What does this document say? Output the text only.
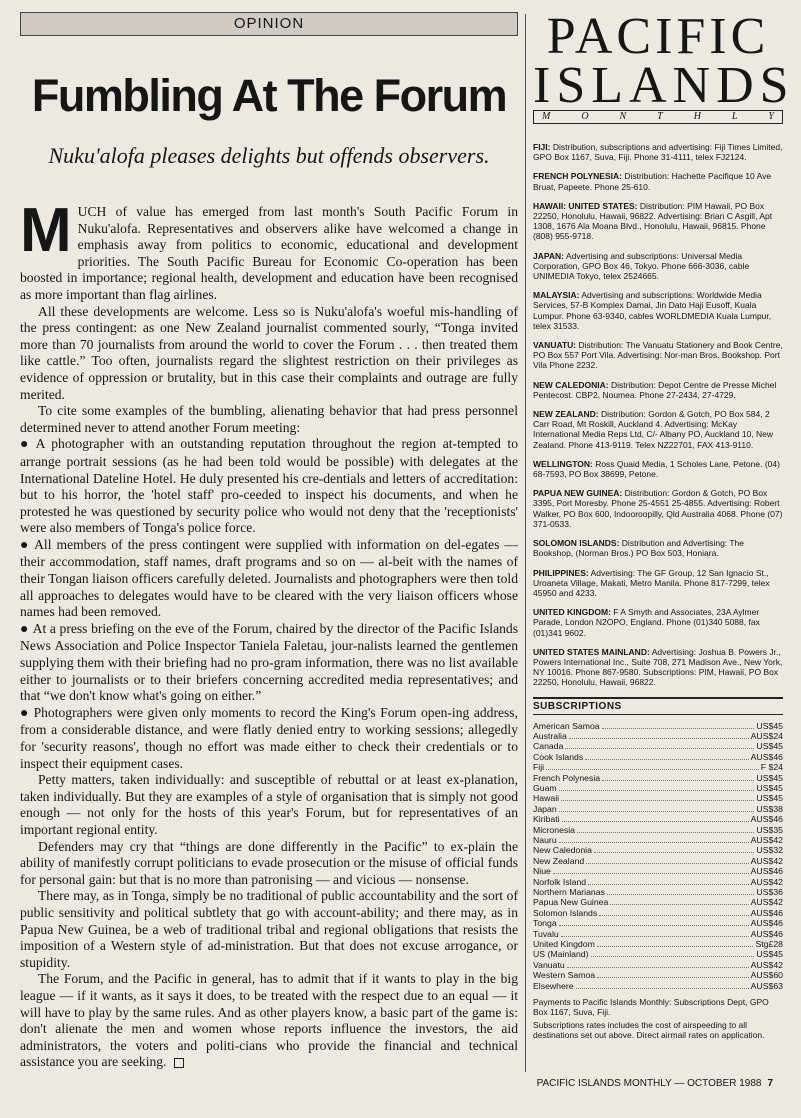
OPINION
Fumbling At The Forum
Nuku'alofa pleases delights but offends observers.

MUCH of value has emerged from last month's South Pacific Forum in Nuku'alofa. Representatives and observers alike have welcomed a change in emphasis away from politics to economic, educational and development priorities. The South Pacific Bureau for Economic Co-operation has been boosted in importance; regional health, development and education have been recognised as more important than flag airlines.

All these developments are welcome. Less so is Nuku'alofa's woeful mis-handling of the press contingent: as one New Zealand journalist commented sourly, “Tonga invited more than 70 journalists from around the world to cover the Forum . . . then treated them like cattle.” Too often, journalists regard the slightest restriction on their privileges as evidence of oppression or brutality, but in this case their complaints and outrage are fully merited.

To cite some examples of the bumbling, alienating behavior that had press personnel determined never to attend another Forum meeting:

● A photographer with an outstanding reputation throughout the region at-tempted to arrange portrait sessions (as he had been told would be possible) with delegates at the International Dateline Hotel. He duly presented his cre-dentials and letters of accreditation: but to his horror, the 'hotel staff' pro-ceeded to inspect his documents, and when he protested he was questioned by security police who would not deny that the 'receptionists' were also members of Tonga's police force.

● All members of the press contingent were supplied with information on del-egates — their accommodation, staff names, draft programs and so on — al-beit with the names of their Tongan liaison officers carefully deleted. Journalists and photographers were then told all approaches to delegates would have to be cleared with the very liaison officers whose names had been removed.

● At a press briefing on the eve of the Forum, chaired by the director of the Pacific Islands News Association and Police Inspector Taniela Faletau, jour-nalists learned the gentlemen supplying them with their briefing had no pro-gram information, there was no list available either to journalists or to their briefers concerning accredited media representatives; and that “we don't know what's going on either.”

● Photographers were given only moments to record the King's Forum open-ing address, from a considerable distance, and were flatly denied entry to working sessions; allegedly for 'security reasons', though no effort was made either to check their credentials or to inspect their equipment cases.

Petty matters, taken individually: and susceptible of rebuttal or at least ex-planation, taken individually. But they are examples of a style of organisation that is simply not good enough — not only for the hosts of this year's Forum, but for representatives of an important regional entity.

Defenders may cry that “things are done differently in the Pacific” to ex-plain the ability of manifestly corrupt politicians to evade prosecution or the misuse of official funds for personal gain: but that is no more than patronising — and vicious — nonsense.

There may, as in Tonga, simply be no traditional of public accountability and the sort of public sensitivity and political subtlety that go with account-ability; and there may, as in Papua New Guinea, be a web of traditional tribal and regional obligations that resists the imposition of a Western style of ad-ministration. But that does not excuse arrogance, or stupidity.

The Forum, and the Pacific in general, has to admit that if it wants to play in the big league — if it wants, as it says it does, to be treated with the respect due to an equal — it will have to play by the same rules. And as other players know, a basic part of the game is: don't alienate the men and women whose reports influence the investors, the aid administrators, the voters and politi-cians who provide the financial and technical assistance you are seeking.

PACIFIC
ISLANDS
M	O	N	T	H	L	Y
FIJI: Distribution, subscriptions and advertising: Fiji Times Limited, GPO Box 1167, Suva, Fiji. Phone 31-4111, telex FJ2124.
FRENCH POLYNESIA: Distribution: Hachette Pacifique 10 Ave Bruat, Papeete. Phone 25-610.
HAWAII: UNITED STATES: Distribution: PIM Hawaii, PO Box 22250, Honolulu, Hawaii, 96822. Advertising: Brian C Asgill, Apt 1308, 1676 Ala Moana Blvd., Honolulu, Hawaii, 96815. Phone (808) 955-9718.
JAPAN: Advertising and subscriptions: Universal Media Corporation, GPO Box 46, Tokyo. Phone 666-3036, cable UNIMEDIA Tokyo, telex 2524665.
MALAYSIA: Advertising and subscriptions: Worldwide Media Services, 57-B Komplex Damai, Jin Dato Haji Eusoff, Kuala Lumpur. Phone 63-9340, cables WORLDMEDIA Kuala Lumpur, telex 31533.
VANUATU: Distribution: The Vanuatu Stationery and Book Centre, PO Box 557 Port Vila. Advertising: Nor-man Bros. Bookshop. Port Vila Phone 2232.
NEW CALEDONIA: Distribution: Depot Centre de Presse Michel Pentecost. CBP2, Noumea. Phone 27-2434, 27-4729.
NEW ZEALAND: Distribution: Gordon & Gotch, PO Box 584, 2 Carr Road, Mt Roskill, Auckland 4. Advertising: McKay International Media Reps Ltd, C/- Albany PO, Auckland 10, New Zealand. Phone 413-9119. Telex NZ22701, FAX 413-9110.
WELLINGTON: Ross Quaid Media, 1 Scholes Lane, Petone. (04) 68-7593, PO Box 38699, Petone.
PAPUA NEW GUINEA: Distribution: Gordon & Gotch, PO Box 3395, Port Moresby. Phone 25-4551 25-4855. Advertising: Robert Walker, PO Box 600, Indooroopilly, Qld Australia 4068. Phone (07) 371-0533.
SOLOMON ISLANDS: Distribution and Advertising: The Bookshop, (Norman Bros.) PO Box 503, Honiara.
PHILIPPINES: Advertising: The GF Group, 12 San Ignacio St., Uroaneta Village, Makati, Metro Manila. Phone 817-7299, telex 45950 and 4233.
UNITED KINGDOM: F A Smyth and Associates, 23A Aylmer Parade, London N2OPO, England. Phone (01)340 5088, fax (01)341 9602.
UNITED STATES MAINLAND: Advertising: Joshua B. Powers Jr., Powers International Inc., Suite 708, 271 Madison Ave., New York, NY 10016. Phone 867-9580. Subscriptions: PIM, Hawaii, PO Box 22250, Honolulu, Hawaii, 96822.
SUBSCRIPTIONS
American Samoa	US$45
Australia	AUS$24
Canada	US$45
Cook Islands	AUS$46
Fiji	F $24
French Polynesia	US$45
Guam	US$45
Hawaii	US$45
Japan	US$38
Kiribati	AUS$46
Micronesia	US$35
Nauru	AUS$42
New Caledonia	US$32
New Zealand	AUS$42
Niue	AUS$46
Norfolk Island	AUS$42
Northern Marianas	US$36
Papua New Guinea	AUS$42
Solomon Islands	AUS$46
Tonga	AUS$46
Tuvalu	AUS$46
United Kingdom	Stg£28
US (Mainland)	US$45
Vanuatu	AUS$42
Western Samoa	AUS$60
Elsewhere	AUS$63
Payments to Pacific Islands Monthly: Subscriptions Dept, GPO Box 1167, Suva, Fiji.
Subscriptions rates includes the cost of airspeeding to all destinations set out above. Direct airmail rates on application.
PACIFIC ISLANDS MONTHLY — OCTOBER 1988 7
